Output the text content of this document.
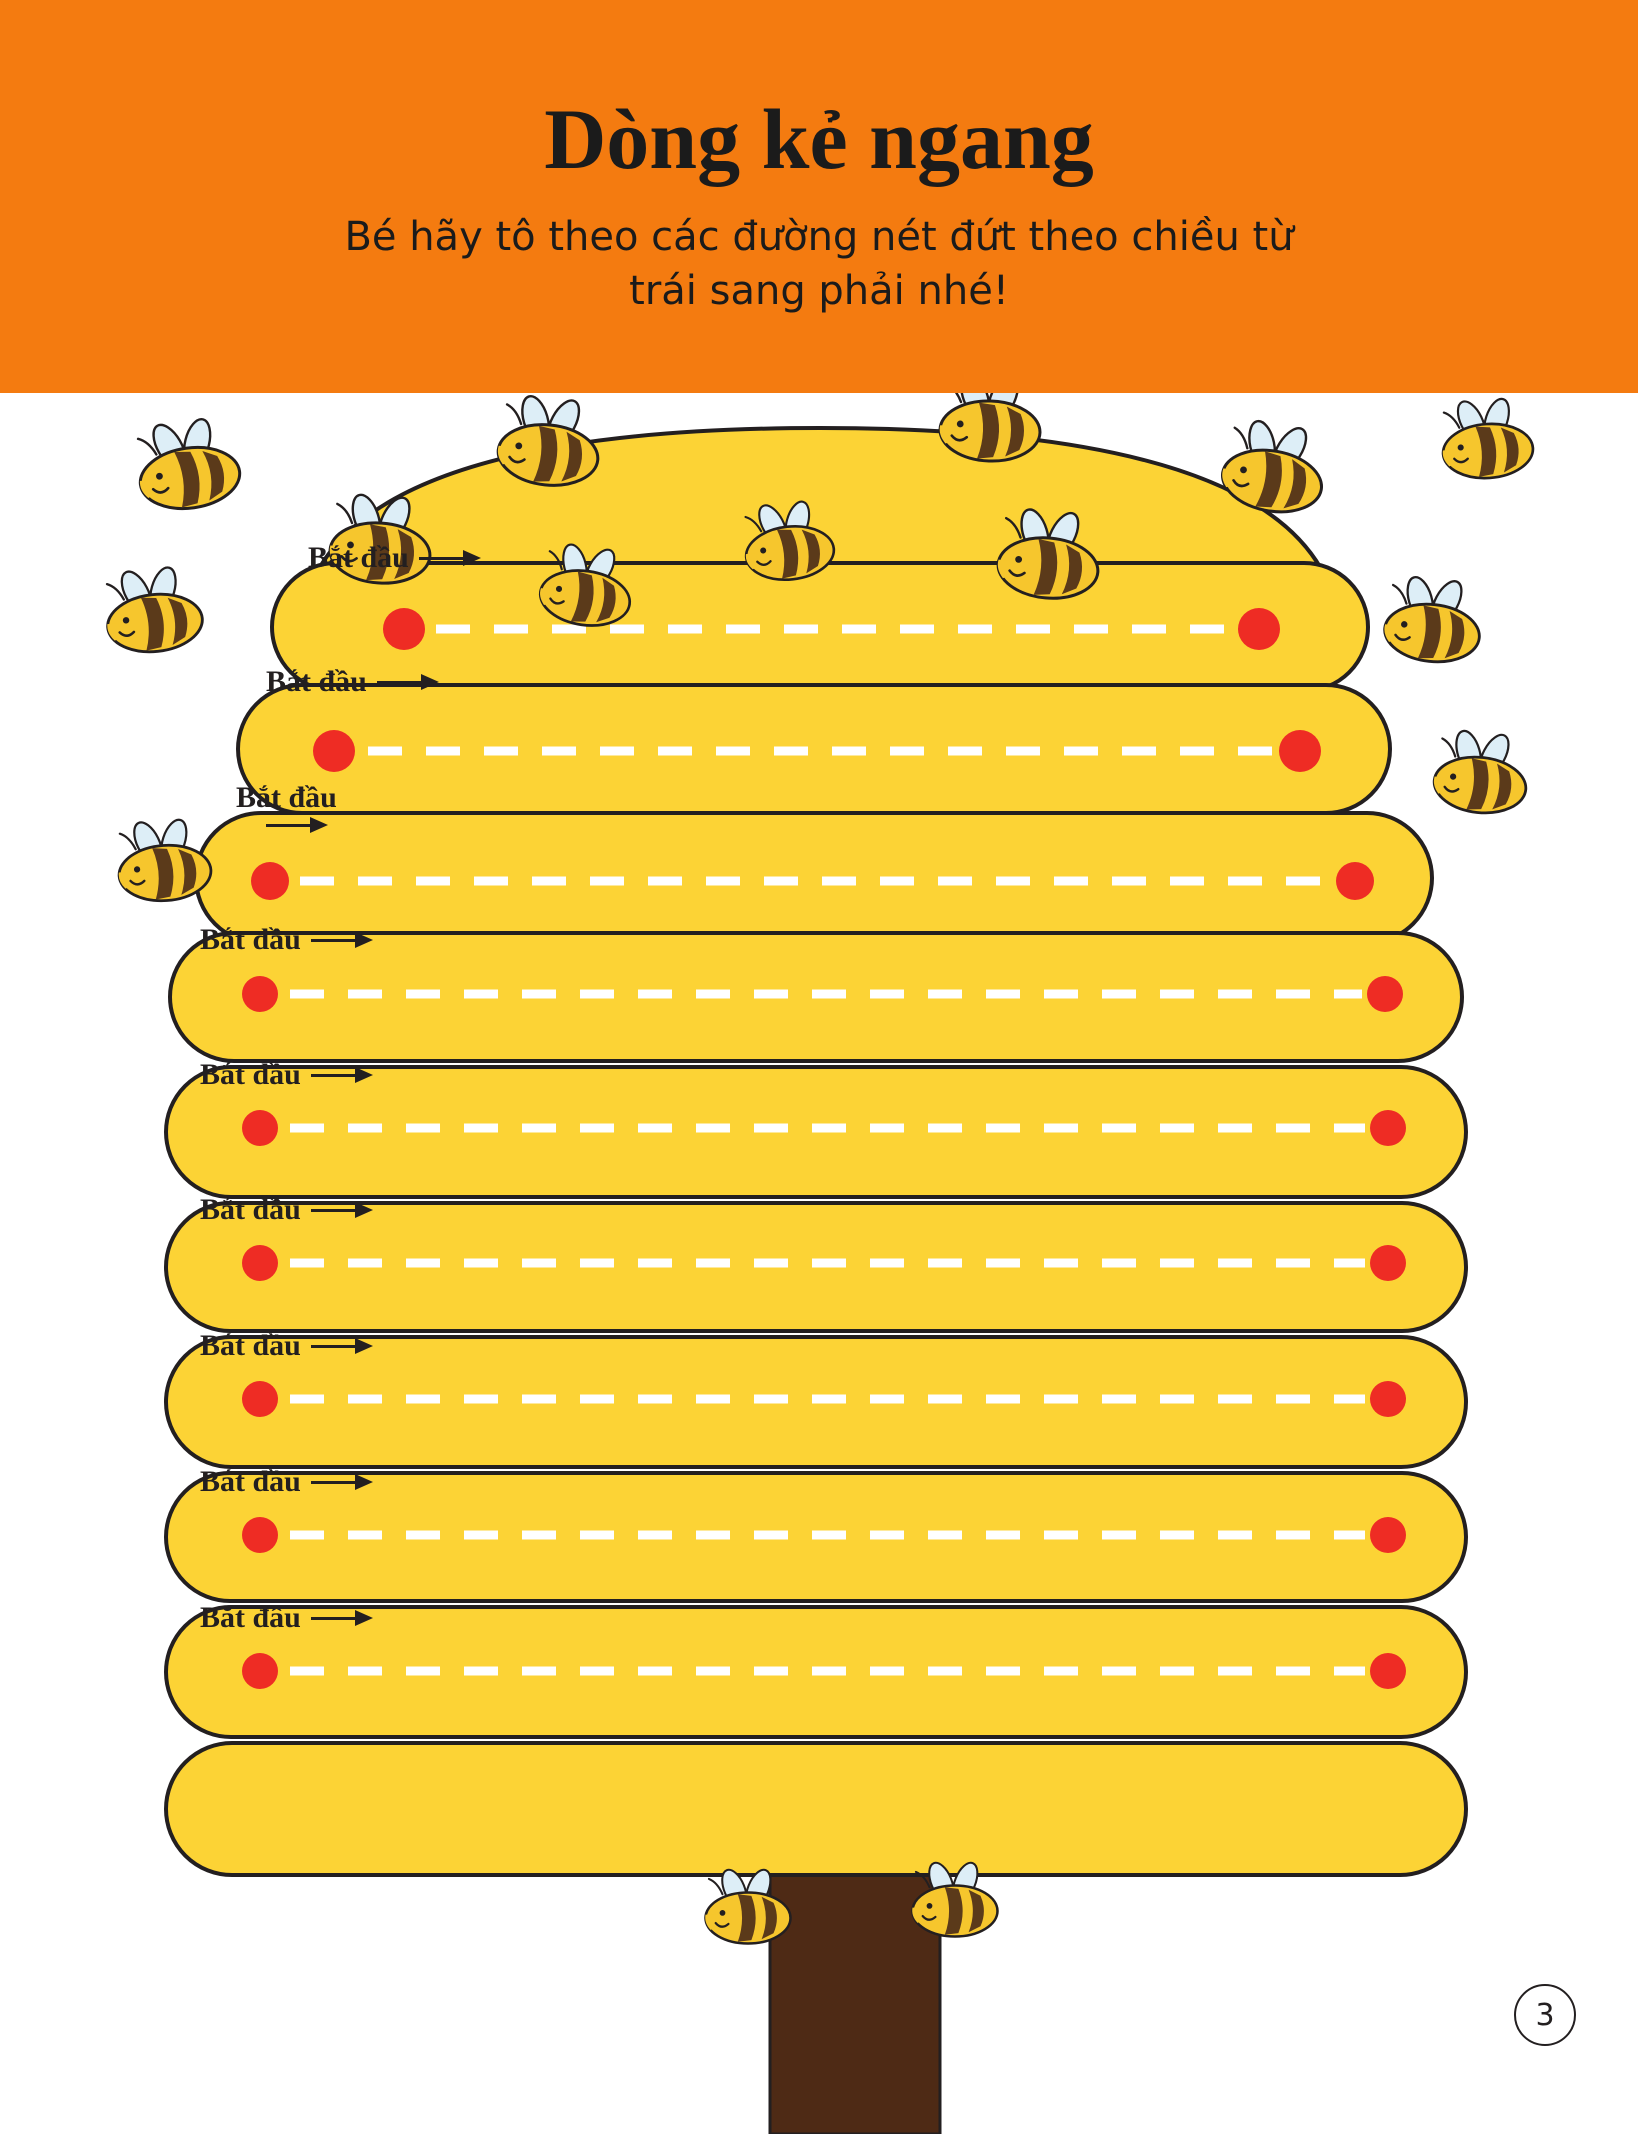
Dòng kẻ ngang
Bé hãy tô theo các đường nét đứt theo chiều từ
trái sang phải nhé!
Bắt đầu
Bắt đầu
Bắt đầu
Bắt đầu
Bắt đầu
Bắt đầu
Bắt đầu
Bắt đầu
Bắt đầu
3
